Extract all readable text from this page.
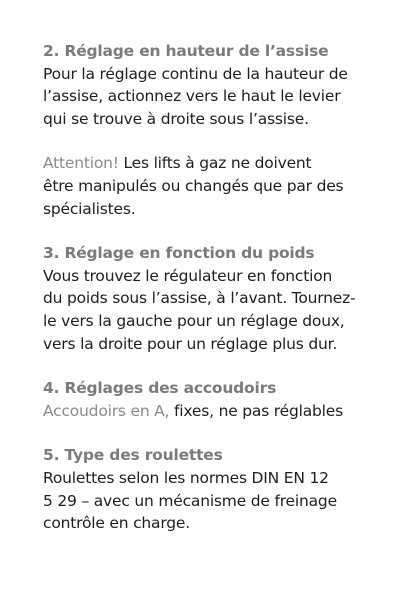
2. Réglage en hauteur de l’assise
Pour la réglage continu de la hauteur de
l’assise, actionnez vers le haut le levier
qui se trouve à droite sous l’assise.
Attention! Les lifts à gaz ne doivent
être manipulés ou changés que par des
spécialistes.
3. Réglage en fonction du poids
Vous trouvez le régulateur en fonction
du poids sous l’assise, à l’avant. Tournez-
le vers la gauche pour un réglage doux,
vers la droite pour un réglage plus dur.
4. Réglages des accoudoirs
Accoudoirs en A, fixes, ne pas réglables
5. Type des roulettes
Roulettes selon les normes DIN EN 12
5 29 – avec un mécanisme de freinage
contrôle en charge.
